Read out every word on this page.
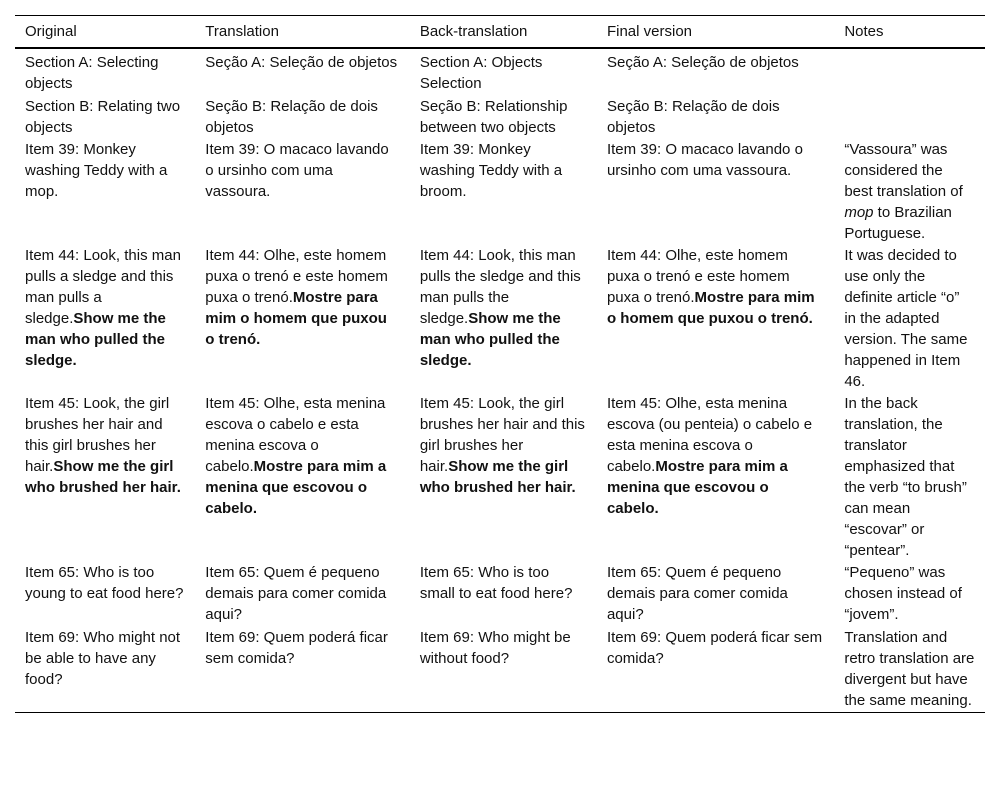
Original	Translation	Back-translation	Final version	Notes
Section A: Selecting objects	Seção A: Seleção de objetos	Section A: Objects Selection	Seção A: Seleção de objetos	
Section B: Relating two objects	Seção B: Relação de dois objetos	Seção B: Relationship between two objects	Seção B: Relação de dois objetos	
Item 39: Monkey washing Teddy with a mop.	Item 39: O macaco lavando o ursinho com uma vassoura.	Item 39: Monkey washing Teddy with a broom.	Item 39: O macaco lavando o ursinho com uma vassoura.	“Vassoura” was considered the best translation of mop to Brazilian Portuguese.
Item 44: Look, this man pulls a sledge and this man pulls a sledge.Show me the man who pulled the sledge.	Item 44: Olhe, este homem puxa o trenó e este homem puxa o trenó.Mostre para mim o homem que puxou o trenó.	Item 44: Look, this man pulls the sledge and this man pulls the sledge.Show me the man who pulled the sledge.	Item 44: Olhe, este homem puxa o trenó e este homem puxa o trenó.Mostre para mim o homem que puxou o trenó.	It was decided to use only the definite article “o” in the adapted version. The same happened in Item 46.
Item 45: Look, the girl brushes her hair and this girl brushes her hair.Show me the girl who brushed her hair.	Item 45: Olhe, esta menina escova o cabelo e esta menina escova o cabelo.Mostre para mim a menina que escovou o cabelo.	Item 45: Look, the girl brushes her hair and this girl brushes her hair.Show me the girl who brushed her hair.	Item 45: Olhe, esta menina escova (ou penteia) o cabelo e esta menina escova o cabelo.Mostre para mim a menina que escovou o cabelo.	In the back translation, the translator emphasized that the verb “to brush” can mean “escovar” or “pentear”.
Item 65: Who is too young to eat food here?	Item 65: Quem é pequeno demais para comer comida aqui?	Item 65: Who is too small to eat food here?	Item 65: Quem é pequeno demais para comer comida aqui?	“Pequeno” was chosen instead of “jovem”.
Item 69: Who might not be able to have any food?	Item 69: Quem poderá ficar sem comida?	Item 69: Who might be without food?	Item 69: Quem poderá ficar sem comida?	Translation and retro translation are divergent but have the same meaning.
